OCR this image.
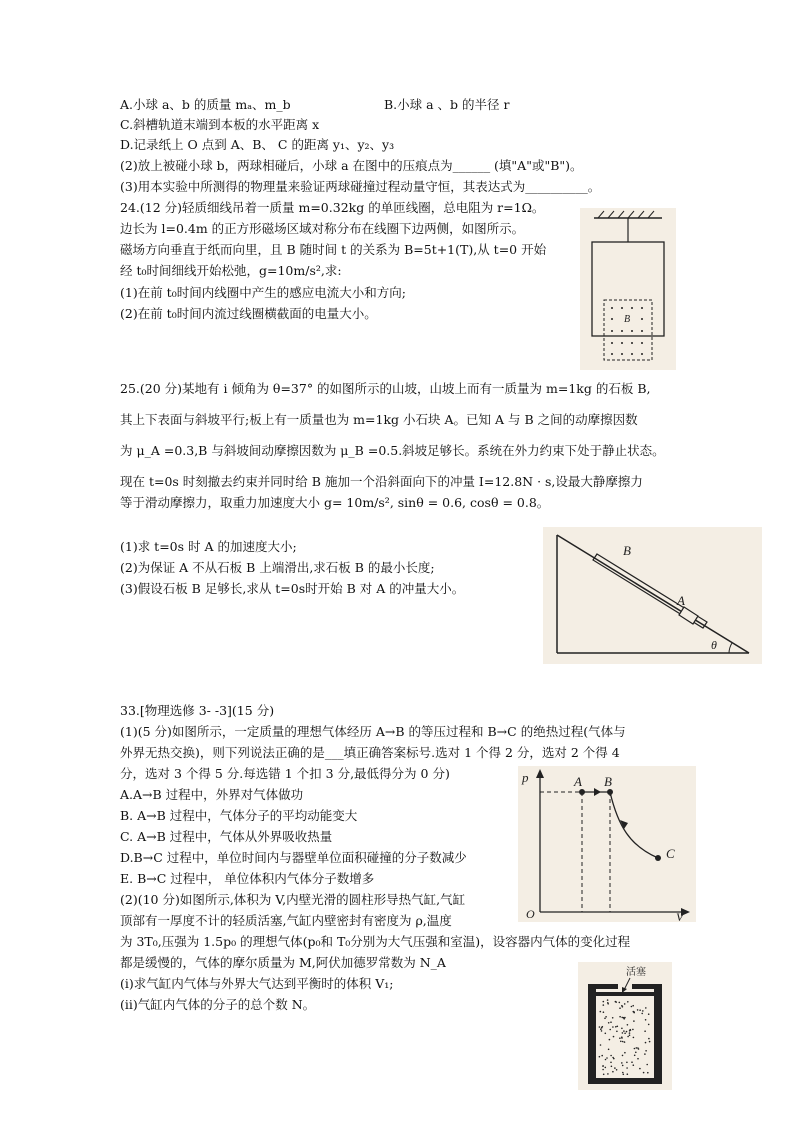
A.小球 a、b 的质量 mₐ、m_b	B.小球 a 、b 的半径 r
C.斜槽轨道末端到本板的水平距离 x
D.记录纸上 O 点到 A、B、 C 的距离 y₁、y₂、y₃
(2)放上被碰小球 b，两球相碰后，小球 a 在图中的压痕点为______ (填"A"或"B")。
(3)用本实验中所测得的物理量来验证两球碰撞过程动量守恒，其表达式为__________。
24.(12 分)轻质细线吊着一质量 m=0.32kg 的单匝线圈，总电阻为 r=1Ω。
边长为 l=0.4m 的正方形磁场区域对称分布在线圈下边两侧，如图所示。
磁场方向垂直于纸而向里，且 B 随时间 t 的关系为 B=5t+1(T),从 t=0 开始
经 t₀时间细线开始松弛，g=10m/s²,求:
(1)在前 t₀时间内线圈中产生的感应电流大小和方向;
(2)在前 t₀时间内流过线圈横截面的电量大小。	B
25.(20 分)某地有 i 倾角为 θ=37° 的如图所示的山坡，山坡上而有一质量为 m=1kg 的石板 B,
其上下表面与斜坡平行;板上有一质量也为 m=1kg 小石块 A。已知 A 与 B 之间的动摩擦因数
为 μ_A =0.3,B 与斜坡间动摩擦因数为 μ_B =0.5.斜坡足够长。系统在外力约束下处于静止状态。
现在 t=0s 时刻撤去约束并同时给 B 施加一个沿斜面向下的冲量 I=12.8N · s,设最大静摩擦力
等于滑动摩擦力，取重力加速度大小 g= 10m/s², sinθ = 0.6, cosθ = 0.8。
(1)求 t=0s 时 A 的加速度大小;
(2)为保证 A 不从石板 B 上端滑出,求石板 B 的最小长度;
(3)假设石板 B 足够长,求从 t=0s时开始 B 对 A 的冲量大小。
B
A
θ
33.[物理选修 3- -3](15 分)
(1)(5 分)如图所示，一定质量的理想气体经历 A→B 的等压过程和 B→C 的绝热过程(气体与
外界无热交换)，则下列说法正确的是___填正确答案标号.选对 1 个得 2 分，选对 2 个得 4
分，选对 3 个得 5 分.每选错 1 个扣 3 分,最低得分为 0 分)
A.A→B 过程中，外界对气体做功
B. A→B 过程中，气体分子的平均动能变大
C. A→B 过程中，气体从外界吸收热量
D.B→C 过程中，单位时间内与器壁单位面积碰撞的分子数减少
E. B→C 过程中， 单位体积内气体分子数增多
(2)(10 分)如图所示,体积为 V,内壁光滑的圆柱形导热气缸,气缸
顶部有一厚度不计的轻质活塞,气缸内壁密封有密度为 ρ,温度
为 3T₀,压强为 1.5p₀ 的理想气体(p₀和 T₀分别为大气压强和室温)，设容器内气体的变化过程
都是缓慢的，气体的摩尔质量为 M,阿伏加德罗常数为 N_A
(i)求气缸内气体与外界大气达到平衡时的体积 V₁;
(ii)气缸内气体的分子的总个数 N。
p
V
O
A B
C
活塞
